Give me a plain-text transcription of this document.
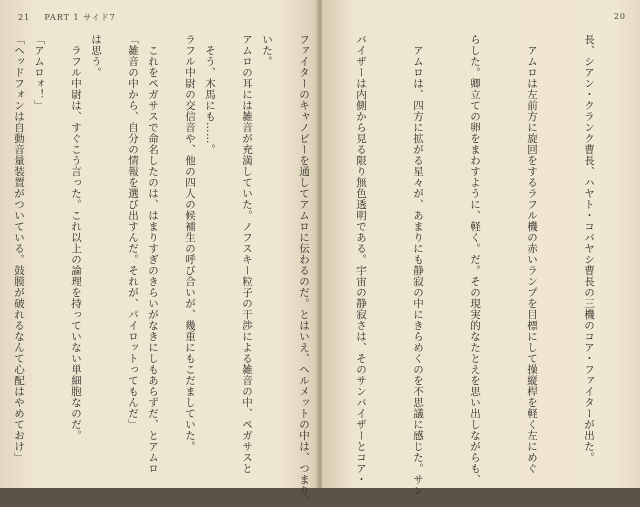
21 PART 1 サイド7

いた。

　そう、木馬にも……。

　これをペガサスで命名したのは、はまりすぎのきらいがなきにしもあらずだ、とアムロ

は思う。

「アムロォ！」

20

長、シアン・クランク曹長、ハヤト・コバヤシ曹長の三機のコア・ファイターが出た。

　アムロは左前方に旋回をするラフル機の赤いランプを目標にして操縦桿を軽く左にめぐ

らした。卿立ての卵をまわすように、軽く。だ。その現実的なたとえを思い出しながらも、

　アムロは、四方に拡がる星々が、あまりにも静寂の中にきらめくのを不思議に感じた。サン

バイザーは内側から見る限り無色透明である。宇宙の静寂さは、そのサンバイザーとコア・

ファイターのキャノピーを通してアムロに伝わるのだ。とはいえ、ヘルメットの中は、つまり、

アムロの耳には雑音が充満していた。ノフスキー粒子の干渉による雑音の中、ペガサスと

ラフル中尉の交信音や、他の四人の候補生の呼び合いが、幾重にもこだましていた。

「雑音の中から、自分の情報を選び出すんだ。それが、パイロットってもんだ」

　ラフル中尉は、すぐこう言った。これ以上の論理を持っていない単細胞なのだ。

「ヘッドフォンは自動音量装置がついている。鼓膜が破れるなんて心配はやめておけ」
